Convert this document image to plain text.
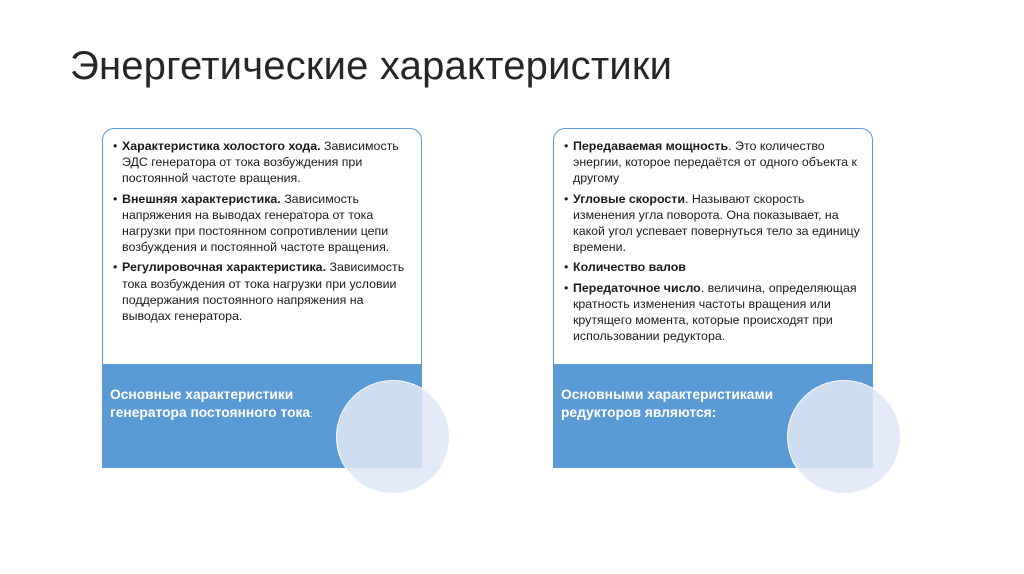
Энергетические характеристики
• Характеристика холостого хода. Зависимость ЭДС генератора от тока возбуждения при постоянной частоте вращения.
• Внешняя характеристика. Зависимость напряжения на выводах генератора от тока нагрузки при постоянном сопротивлении цепи возбуждения и постоянной частоте вращения.
• Регулировочная характеристика. Зависимость тока возбуждения от тока нагрузки при условии поддержания постоянного напряжения на выводах генератора.
Основные характеристики генератора постоянного тока:
• Передаваемая мощность. Это количество энергии, которое передаётся от одного объекта к другому
• Угловые скорости. Называют скорость изменения угла поворота. Она показывает, на какой угол успевает повернуться тело за единицу времени.
• Количество валов
• Передаточное число. величина, определяющая кратность изменения частоты вращения или крутящего момента, которые происходят при использовании редуктора.
Основными характеристиками редукторов являются:
